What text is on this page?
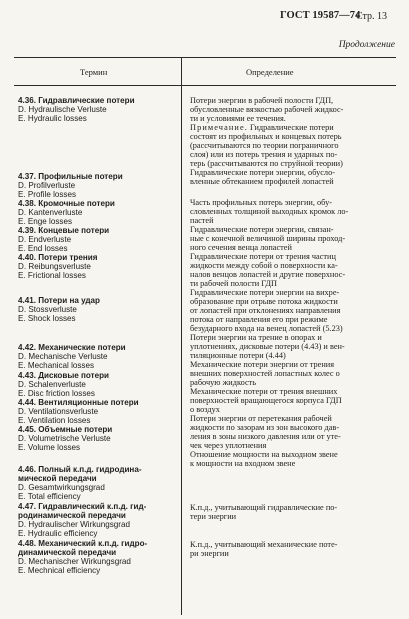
ГОСТ 19587—74
Стр. 13
Продолжение
Термин	Определение
4.36. Гидравлические потери
D. Hydraulische Verluste
E. Hydraulic losses
4.37. Профильные потери
D. Profilverluste
E. Profile losses
4.38. Кромочные потери
D. Kantenverluste
E. Enge losses
4.39. Концевые потери
D. Endverluste
E. End losses
4.40. Потери трения
D. Reibungsverluste
E. Frictional losses
4.41. Потери на удар
D. Stossverluste
E. Shock losses
4.42. Механические потери
D. Mechanische Verluste
E. Mechanical losses
4.43. Дисковые потери
D. Schalenverluste
E. Disc friction losses
4.44. Вентиляционные потери
D. Ventilationsverluste
E. Ventilation losses
4.45. Объемные потери
D. Volumetrische Verluste
E. Volume losses
4.46. Полный к.п.д. гидродина-
мической передачи
D. Gesamtwirkungsgrad
E. Total efficiency
4.47. Гидравлический к.п.д. гид-
родинамической передачи
D. Hydraulischer Wirkungsgrad
E. Hydraulic efficiency
4.48. Механический к.п.д. гидро-
динамической передачи
D. Mechanischer Wirkungsgrad
E. Mechnical efficiency
Потери энергии в рабочей полости ГДП,
обусловленные вязкостью рабочей жидкос-
ти и условиями ее течения.
Примечание. Гидравлические потери
состоят из профильных и концевых потерь
(рассчитываются по теории пограничного
слоя) или из потерь трения и ударных по-
терь (рассчитываются по струйной теории)
Гидравлические потери энергии, обусло-
вленные обтеканием профилей лопастей
Часть профильных потерь энергии, обу-
словленных толщиной выходных кромок ло-
пастей
Гидравлические потери энергии, связан-
ные с конечной величиной ширины проход-
ного сечения венца лопастей
Гидравлические потери от трения частиц
жидкости между собой о поверхности ка-
налов венцов лопастей и другие поверхнос-
ти рабочей полости ГДП
Гидравлические потери энергии на вихре-
образование при отрыве потока жидкости
от лопастей при отклонениях направления
потока от направления его при режиме
безударного входа на венец лопастей (5.23)
Потери энергии на трение в опорах и
уплотнениях, дисковые потери (4.43) и вен-
тиляционные потери (4.44)
Механические потери энергии от трения
внешних поверхностей лопастных колес о
рабочую жидкость
Механические потери от трения внешних
поверхностей вращающегося корпуса ГДП
о воздух
Потери энергии от перетекания рабочей
жидкости по зазорам из зон высокого дав-
ления в зоны низкого давления или от уте-
чек через уплотнения
Отношение мощности на выходном звене
к мощности на входном звене
К.п.д., учитывающий гидравлические по-
тери энергии
К.п.д., учитывающий механические поте-
ри энергии
